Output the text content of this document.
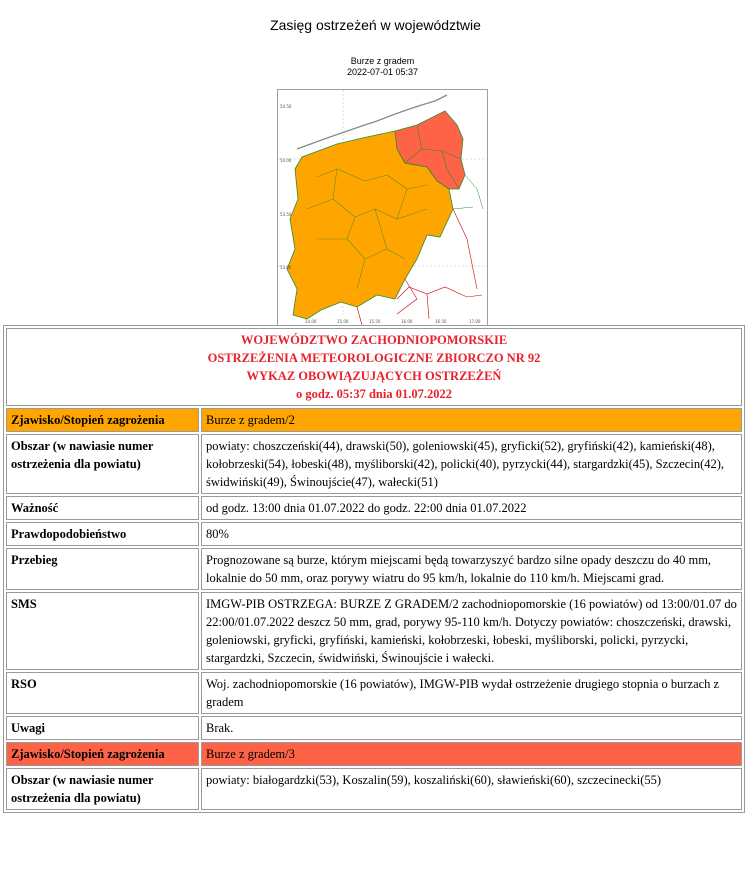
Zasięg ostrzeżeń w województwie
Burze z gradem
2022-07-01 05:37
54.50
54.00
53.50
53.00
14.00	15.00	15.50	16.00	16.50	17.00
WOJEWÓDZTWO ZACHODNIOPOMORSKIE
OSTRZEŻENIA METEOROLOGICZNE ZBIORCZO NR 92
WYKAZ OBOWIĄZUJĄCYCH OSTRZEŻEŃ
o godz. 05:37 dnia 01.07.2022	

Zjawisko/Stopień zagrożenia	Burze z gradem/2
Obszar (w nawiasie numer ostrzeżenia dla powiatu)	powiaty: choszczeński(44), drawski(50), goleniowski(45), gryficki(52), gryfiński(42), kamieński(48), kołobrzeski(54), łobeski(48), myśliborski(42), policki(40), pyrzycki(44), stargardzki(45), Szczecin(42), świdwiński(49), Świnoujście(47), wałecki(51)
Ważność	od godz. 13:00 dnia 01.07.2022 do godz. 22:00 dnia 01.07.2022
Prawdopodobieństwo	80%
Przebieg	Prognozowane są burze, którym miejscami będą towarzyszyć bardzo silne opady deszczu do 40 mm, lokalnie do 50 mm, oraz porywy wiatru do 95 km/h, lokalnie do 110 km/h. Miejscami grad.
SMS	IMGW-PIB OSTRZEGA: BURZE Z GRADEM/2 zachodniopomorskie (16 powiatów) od 13:00/01.07 do 22:00/01.07.2022 deszcz 50 mm, grad, porywy 95-110 km/h. Dotyczy powiatów: choszczeński, drawski, goleniowski, gryficki, gryfiński, kamieński, kołobrzeski, łobeski, myśliborski, policki, pyrzycki, stargardzki, Szczecin, świdwiński, Świnoujście i wałecki.
RSO	Woj. zachodniopomorskie (16 powiatów), IMGW-PIB wydał ostrzeżenie drugiego stopnia o burzach z gradem
Uwagi	Brak.
Zjawisko/Stopień zagrożenia	Burze z gradem/3
Obszar (w nawiasie numer ostrzeżenia dla powiatu)	powiaty: białogardzki(53), Koszalin(59), koszaliński(60), sławieński(60), szczecinecki(55)
